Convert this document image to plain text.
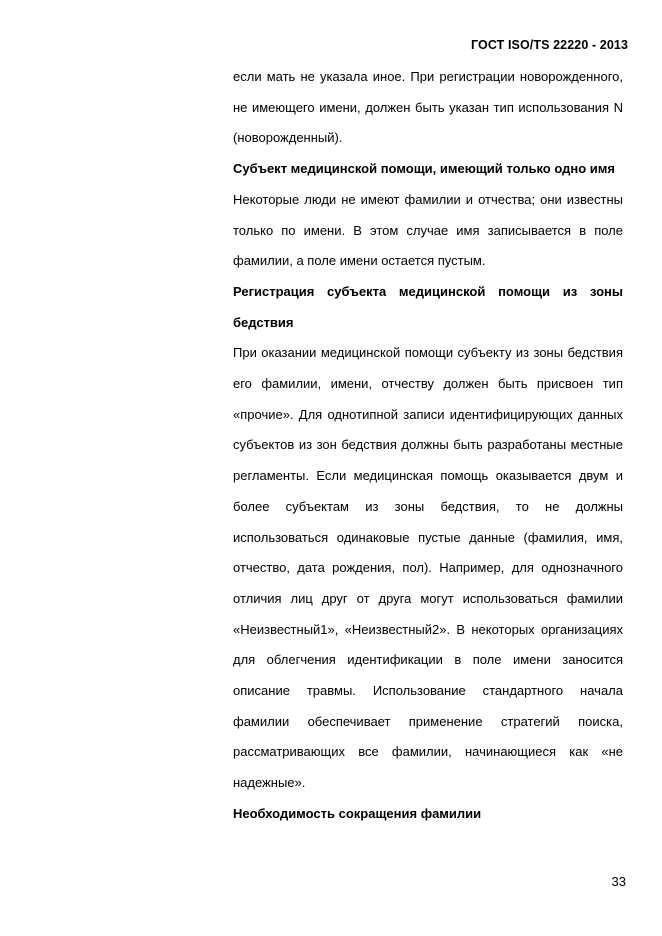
ГОСТ ISO/TS 22220 - 2013

если мать не указала иное. При регистрации новорожденного, не имеющего имени, должен быть указан тип использования N (новорожденный).

Субъект медицинской помощи, имеющий только одно имя

Некоторые люди не имеют фамилии и отчества; они известны только по имени. В этом случае имя записывается в поле фамилии, а поле имени остается пустым.

Регистрация субъекта медицинской помощи из зоны бедствия

При оказании медицинской помощи субъекту из зоны бедствия его фамилии, имени, отчеству должен быть присвоен тип «прочие». Для однотипной записи идентифицирующих данных субъектов из зон бедствия должны быть разработаны местные регламенты. Если медицинская помощь оказывается двум и более субъектам из зоны бедствия, то не должны использоваться одинаковые пустые данные (фамилия, имя, отчество, дата рождения, пол). Например, для однозначного отличия лиц друг от друга могут использоваться фамилии «Неизвестный1», «Неизвестный2». В некоторых организациях для облегчения идентификации в поле имени заносится описание травмы. Использование стандартного начала фамилии обеспечивает применение стратегий поиска, рассматривающих все фамилии, начинающиеся как «не надежные».

Необходимость сокращения фамилии

33
